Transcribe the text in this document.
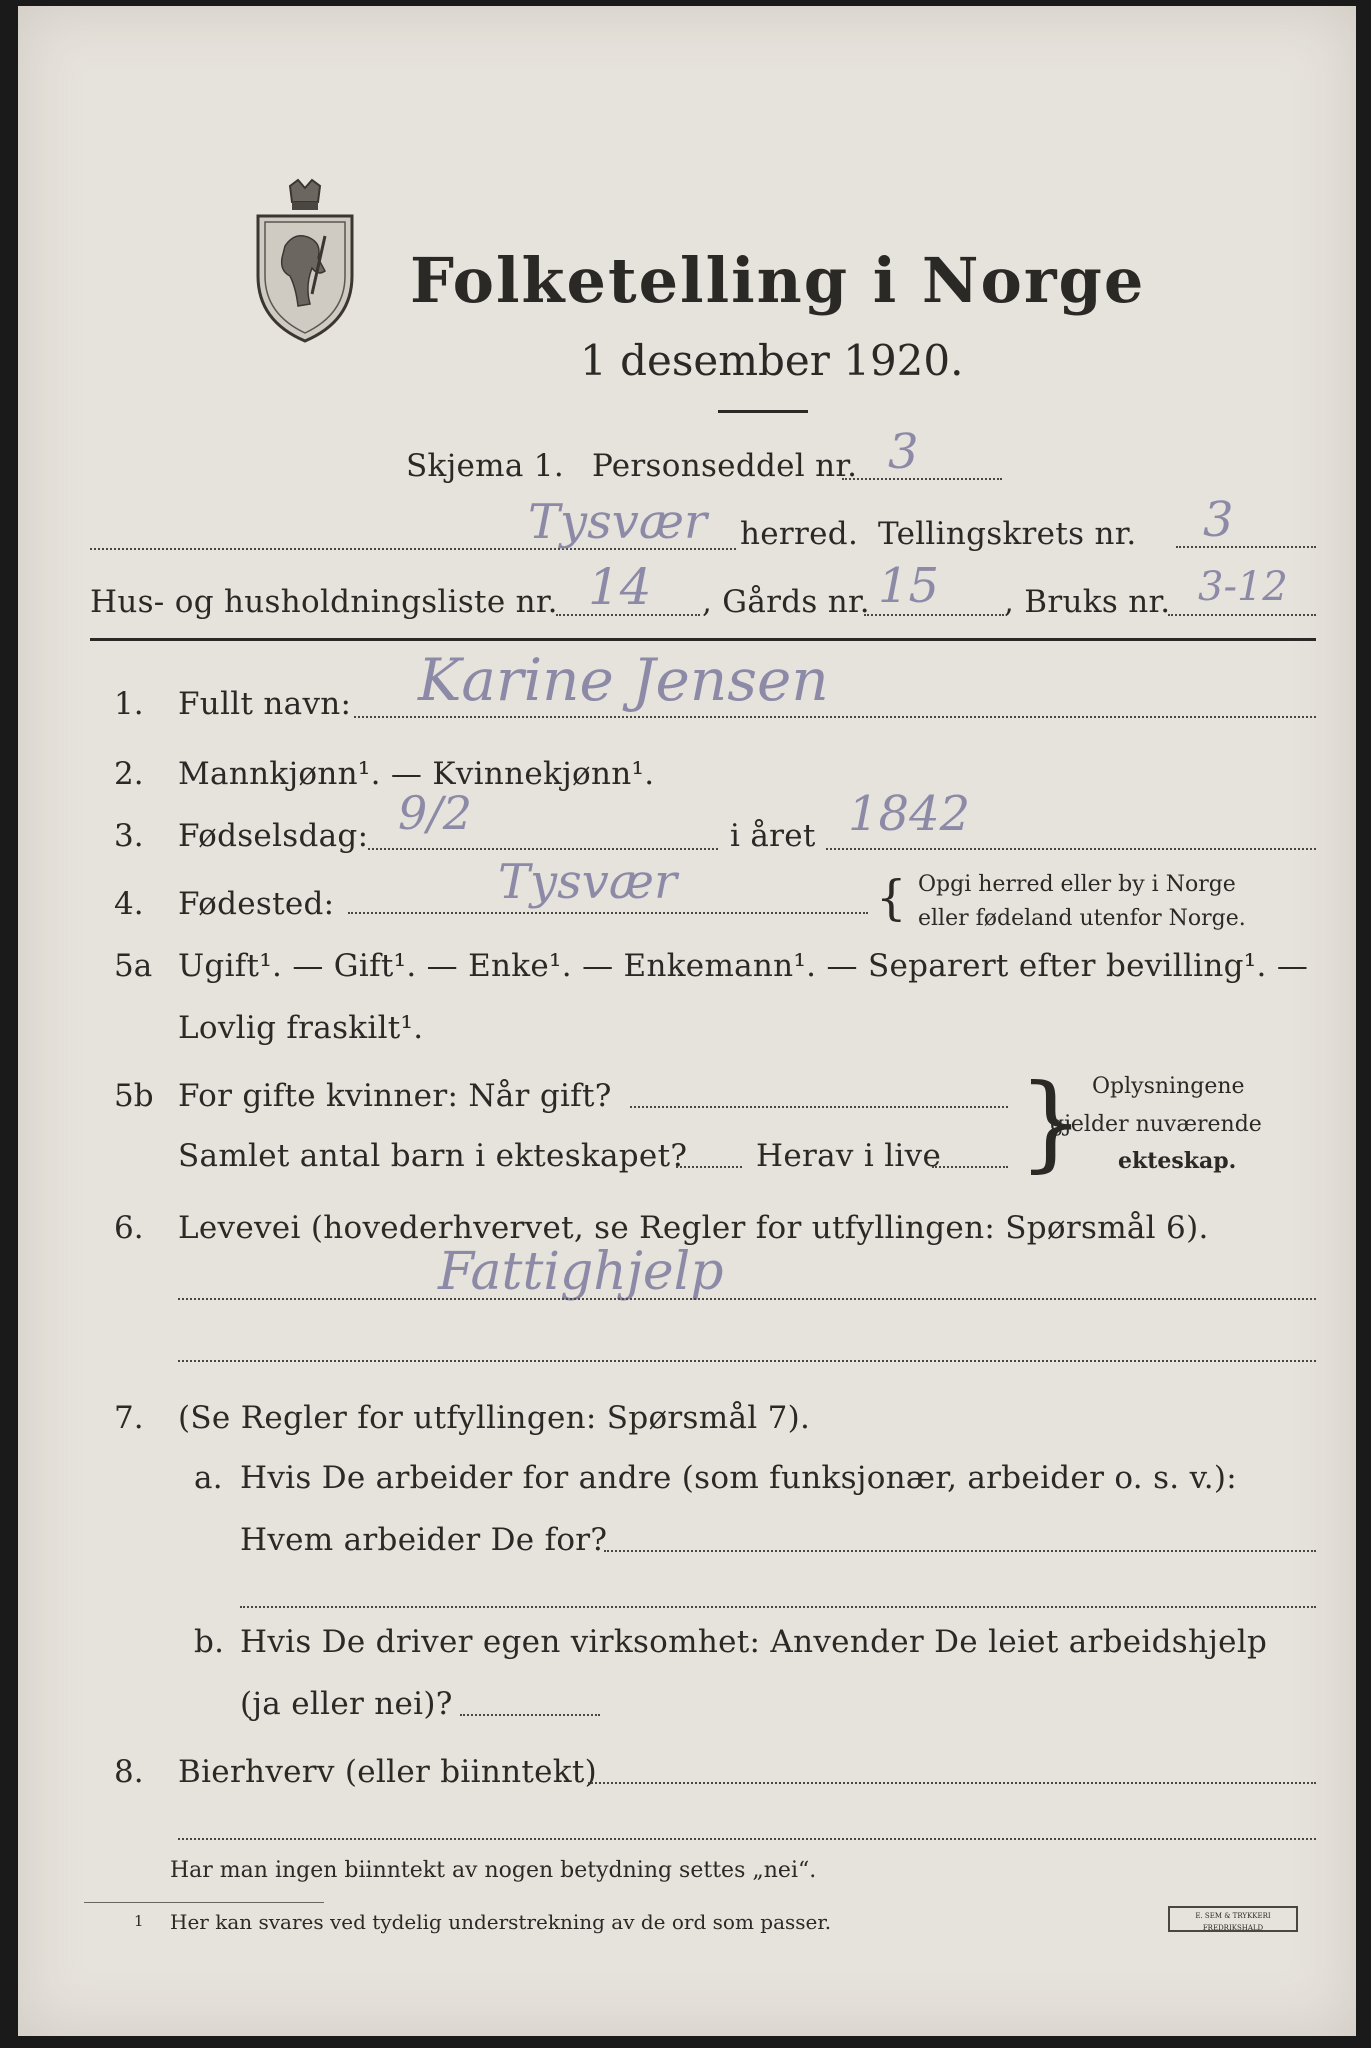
Folketelling i Norge
1 desember 1920.
Skjema 1. Personseddel nr. 3
Tysvær herred. Tellingskrets nr. 3
Hus- og husholdningsliste nr. 14 , Gårds nr. 15 , Bruks nr. 3-12
1. Fullt navn: Karine Jensen
2. Mannkjønn¹. — Kvinnekjønn¹.
3. Fødselsdag: 9/2	i året 1842
4. Fødested:	Tysvær	{ Opgi herred eller by i Norge
eller fødeland utenfor Norge.
5a Ugift¹. — Gift¹. — Enke¹. — Enkemann¹. — Separert efter bevilling¹. —
Lovlig fraskilt¹.
5b For gifte kvinner: Når gift?
Samlet antal barn i ekteskapet? Herav i live } Oplysningene
gjelder nuværende
ekteskap.
6. Levevei (hovederhvervet, se Regler for utfyllingen: Spørsmål 6).
Fattighjelp
7. (Se Regler for utfyllingen: Spørsmål 7).
a. Hvis De arbeider for andre (som funksjonær, arbeider o. s. v.):
Hvem arbeider De for?
b. Hvis De driver egen virksomhet: Anvender De leiet arbeidshjelp
(ja eller nei)?
8. Bierhverv (eller biinntekt)
Har man ingen biinntekt av nogen betydning settes „nei“.
1 Her kan svares ved tydelig understrekning av de ord som passer.	E. SEM & TRYKKERI FREDRIKSHALD
